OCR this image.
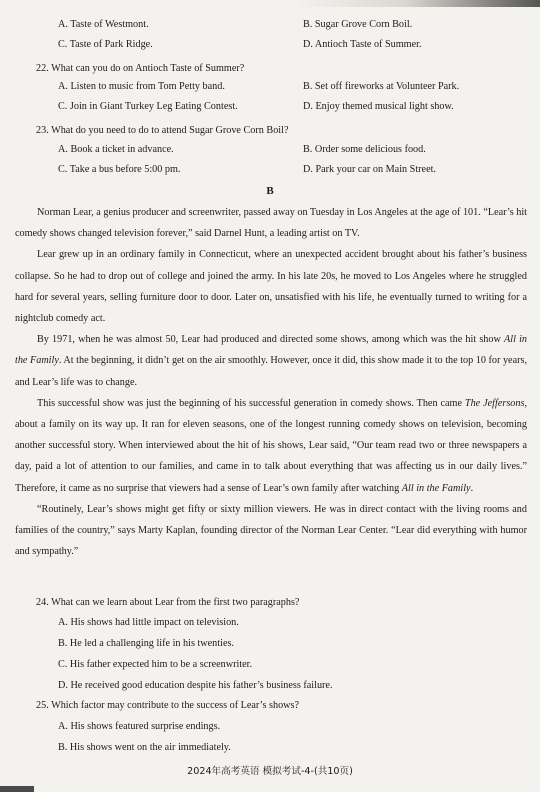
A. Taste of Westmont.	B. Sugar Grove Corn Boil.
C. Taste of Park Ridge.	D. Antioch Taste of Summer.
22. What can you do on Antioch Taste of Summer?
A. Listen to music from Tom Petty band.	B. Set off fireworks at Volunteer Park.
C. Join in Giant Turkey Leg Eating Contest.	D. Enjoy themed musical light show.
23. What do you need to do to attend Sugar Grove Corn Boil?
A. Book a ticket in advance.	B. Order some delicious food.
C. Take a bus before 5:00 pm.	D. Park your car on Main Street.
B

Norman Lear, a genius producer and screenwriter, passed away on Tuesday in Los Angeles at the age of 101. “Lear’s hit comedy shows changed television forever,” said Darnel Hunt, a leading artist on TV.

Lear grew up in an ordinary family in Connecticut, where an unexpected accident brought about his father’s business collapse. So he had to drop out of college and joined the army. In his late 20s, he moved to Los Angeles where he struggled hard for several years, selling furniture door to door. Later on, unsatisfied with his life, he eventually turned to writing for a nightclub comedy act.

By 1971, when he was almost 50, Lear had produced and directed some shows, among which was the hit show All in the Family. At the beginning, it didn’t get on the air smoothly. However, once it did, this show made it to the top 10 for years, and Lear’s life was to change.

This successful show was just the beginning of his successful generation in comedy shows. Then came The Jeffersons, about a family on its way up. It ran for eleven seasons, one of the longest running comedy shows on television, becoming another successful story. When interviewed about the hit of his shows, Lear said, “Our team read two or three newspapers a day, paid a lot of attention to our families, and came in to talk about everything that was affecting us in our daily lives.” Therefore, it came as no surprise that viewers had a sense of Lear’s own family after watching All in the Family.

“Routinely, Lear’s shows might get fifty or sixty million viewers. He was in direct contact with the living rooms and families of the country,” says Marty Kaplan, founding director of the Norman Lear Center. “Lear did everything with humor and sympathy.”

24. What can we learn about Lear from the first two paragraphs?
A. His shows had little impact on television.
B. He led a challenging life in his twenties.
C. His father expected him to be a screenwriter.
D. He received good education despite his father’s business failure.
25. Which factor may contribute to the success of Lear’s shows?
A. His shows featured surprise endings.
B. His shows went on the air immediately.
2024年高考英语 模拟考试-4-(共10页)
